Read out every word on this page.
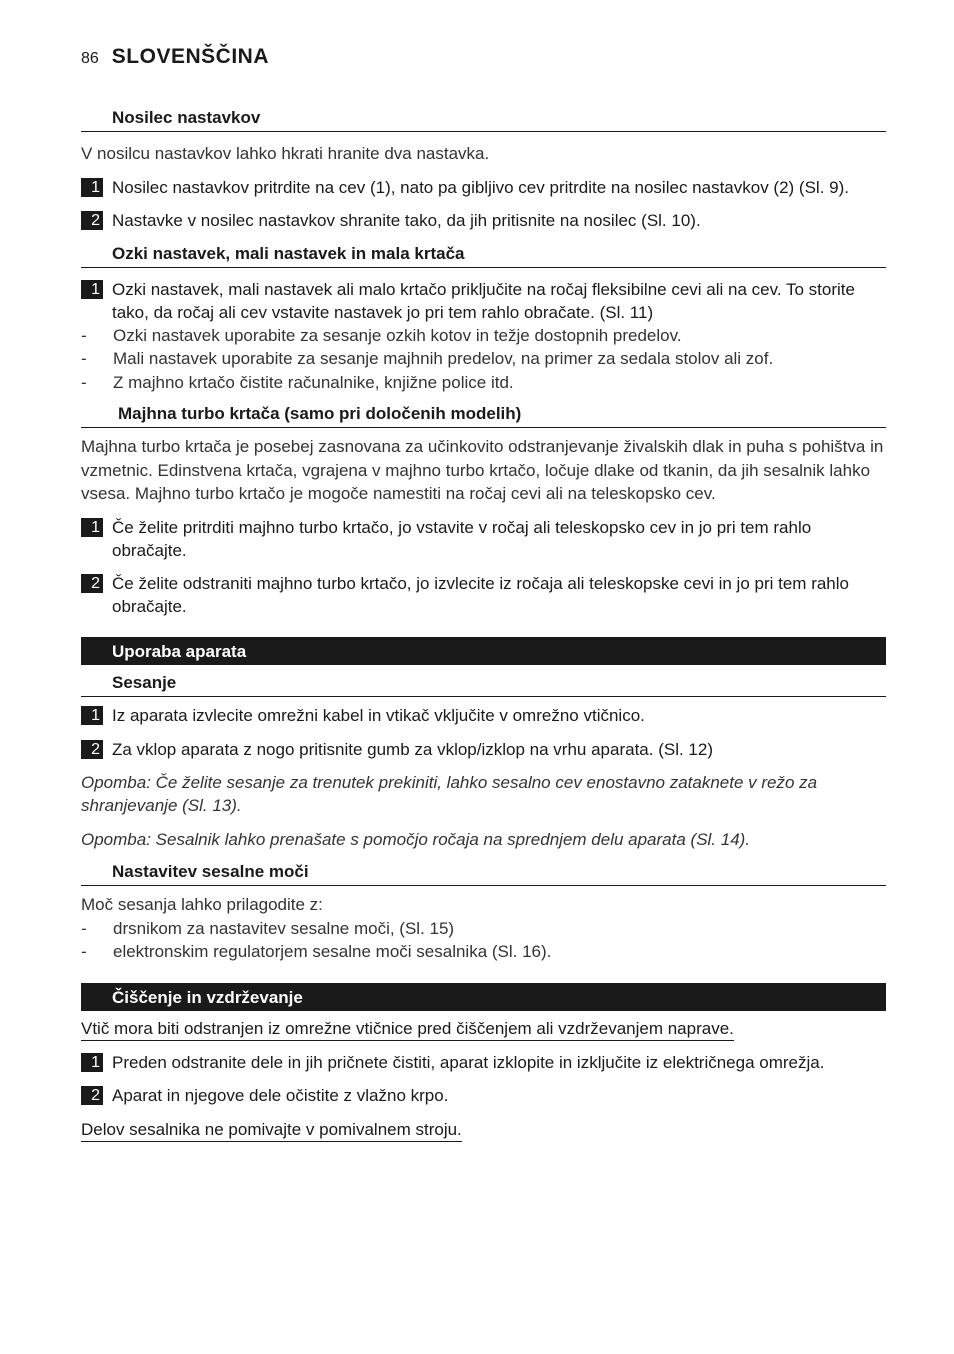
86 SLOVENŠČINA
Nosilec nastavkov
V nosilcu nastavkov lahko hkrati hranite dva nastavka.
1 Nosilec nastavkov pritrdite na cev (1), nato pa gibljivo cev pritrdite na nosilec nastavkov (2) (Sl. 9).
2 Nastavke v nosilec nastavkov shranite tako, da jih pritisnite na nosilec (Sl. 10).
Ozki nastavek, mali nastavek in mala krtača
1 Ozki nastavek, mali nastavek ali malo krtačo priključite na ročaj fleksibilne cevi ali na cev. To storite tako, da ročaj ali cev vstavite nastavek jo pri tem rahlo obračate. (Sl. 11)
-	Ozki nastavek uporabite za sesanje ozkih kotov in težje dostopnih predelov.
-	Mali nastavek uporabite za sesanje majhnih predelov, na primer za sedala stolov ali zof.
-	Z majhno krtačo čistite računalnike, knjižne police itd.
Majhna turbo krtača (samo pri določenih modelih)
Majhna turbo krtača je posebej zasnovana za učinkovito odstranjevanje živalskih dlak in puha s pohištva in vzmetnic. Edinstvena krtača, vgrajena v majhno turbo krtačo, ločuje dlake od tkanin, da jih sesalnik lahko vsesa. Majhno turbo krtačo je mogoče namestiti na ročaj cevi ali na teleskopsko cev.
1 Če želite pritrditi majhno turbo krtačo, jo vstavite v ročaj ali teleskopsko cev in jo pri tem rahlo obračajte.
2 Če želite odstraniti majhno turbo krtačo, jo izvlecite iz ročaja ali teleskopske cevi in jo pri tem rahlo obračajte.
Uporaba aparata
Sesanje
1 Iz aparata izvlecite omrežni kabel in vtikač vključite v omrežno vtičnico.
2 Za vklop aparata z nogo pritisnite gumb za vklop/izklop na vrhu aparata. (Sl. 12)
Opomba: Če želite sesanje za trenutek prekiniti, lahko sesalno cev enostavno zataknete v režo za shranjevanje (Sl. 13).
Opomba: Sesalnik lahko prenašate s pomočjo ročaja na sprednjem delu aparata (Sl. 14).
Nastavitev sesalne moči
Moč sesanja lahko prilagodite z:
-	drsnikom za nastavitev sesalne moči, (Sl. 15)
-	elektronskim regulatorjem sesalne moči sesalnika (Sl. 16).
Čiščenje in vzdrževanje
Vtič mora biti odstranjen iz omrežne vtičnice pred čiščenjem ali vzdrževanjem naprave.
1 Preden odstranite dele in jih pričnete čistiti, aparat izklopite in izključite iz električnega omrežja.
2 Aparat in njegove dele očistite z vlažno krpo.
Delov sesalnika ne pomivajte v pomivalnem stroju.
